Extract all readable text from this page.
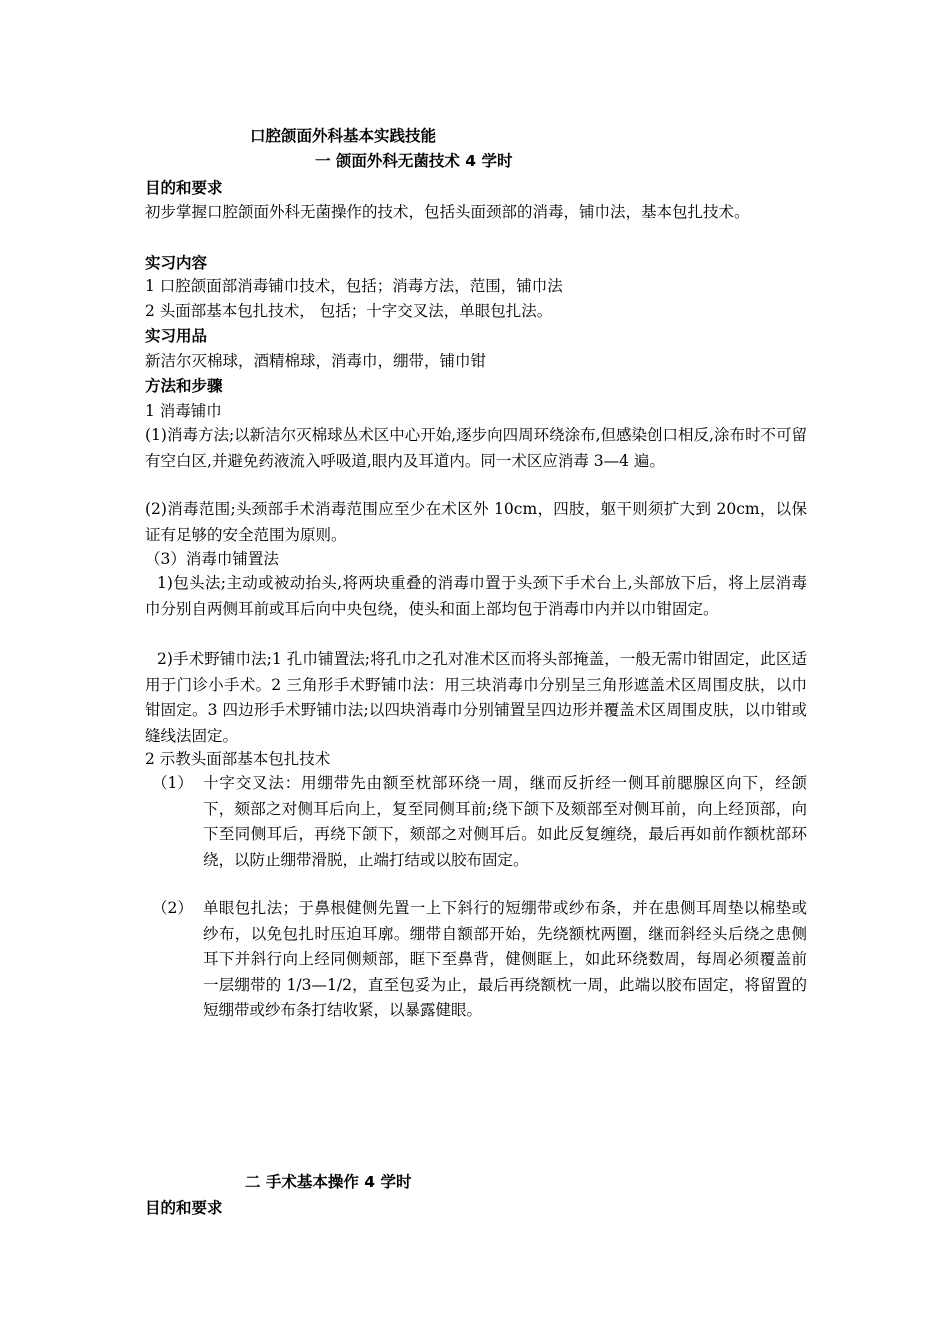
口腔颌面外科基本实践技能
一 颌面外科无菌技术 4 学时
目的和要求
初步掌握口腔颌面外科无菌操作的技术，包括头面颈部的消毒，铺巾法，基本包扎技术。
实习内容
1 口腔颌面部消毒铺巾技术，包括；消毒方法，范围，铺巾法
2 头面部基本包扎技术， 包括；十字交叉法，单眼包扎法。
实习用品
新洁尔灭棉球，酒精棉球，消毒巾，绷带，铺巾钳
方法和步骤
1 消毒铺巾
(1)消毒方法;以新洁尔灭棉球丛术区中心开始,逐步向四周环绕涂布,但感染创口相反,涂布时不可留有空白区,并避免药液流入呼吸道,眼内及耳道内。同一术区应消毒 3—4 遍。
(2)消毒范围;头颈部手术消毒范围应至少在术区外 10cm，四肢，躯干则须扩大到 20cm，以保证有足够的安全范围为原则。
（3）消毒巾铺置法
1)包头法;主动或被动抬头,将两块重叠的消毒巾置于头颈下手术台上,头部放下后，将上层消毒巾分别自两侧耳前或耳后向中央包绕，使头和面上部均包于消毒巾内并以巾钳固定。
2)手术野铺巾法;1 孔巾铺置法;将孔巾之孔对准术区而将头部掩盖，一般无需巾钳固定，此区适用于门诊小手术。2 三角形手术野铺巾法：用三块消毒巾分别呈三角形遮盖术区周围皮肤，以巾钳固定。3 四边形手术野铺巾法;以四块消毒巾分别铺置呈四边形并覆盖术区周围皮肤，以巾钳或缝线法固定。
2 示教头面部基本包扎技术
（1） 十字交叉法：用绷带先由额至枕部环绕一周，继而反折经一侧耳前腮腺区向下，经颌下，颏部之对侧耳后向上，复至同侧耳前;绕下颌下及颏部至对侧耳前，向上经顶部，向下至同侧耳后，再绕下颌下，颏部之对侧耳后。如此反复缠绕，最后再如前作额枕部环绕，以防止绷带滑脱，止端打结或以胶布固定。
（2） 单眼包扎法；于鼻根健侧先置一上下斜行的短绷带或纱布条，并在患侧耳周垫以棉垫或纱布，以免包扎时压迫耳廓。绷带自额部开始，先绕额枕两圈，继而斜经头后绕之患侧耳下并斜行向上经同侧颊部，眶下至鼻背，健侧眶上，如此环绕数周，每周必须覆盖前一层绷带的 1/3—1/2，直至包妥为止，最后再绕额枕一周，此端以胶布固定，将留置的短绷带或纱布条打结收紧，以暴露健眼。
二 手术基本操作 4 学时
目的和要求
